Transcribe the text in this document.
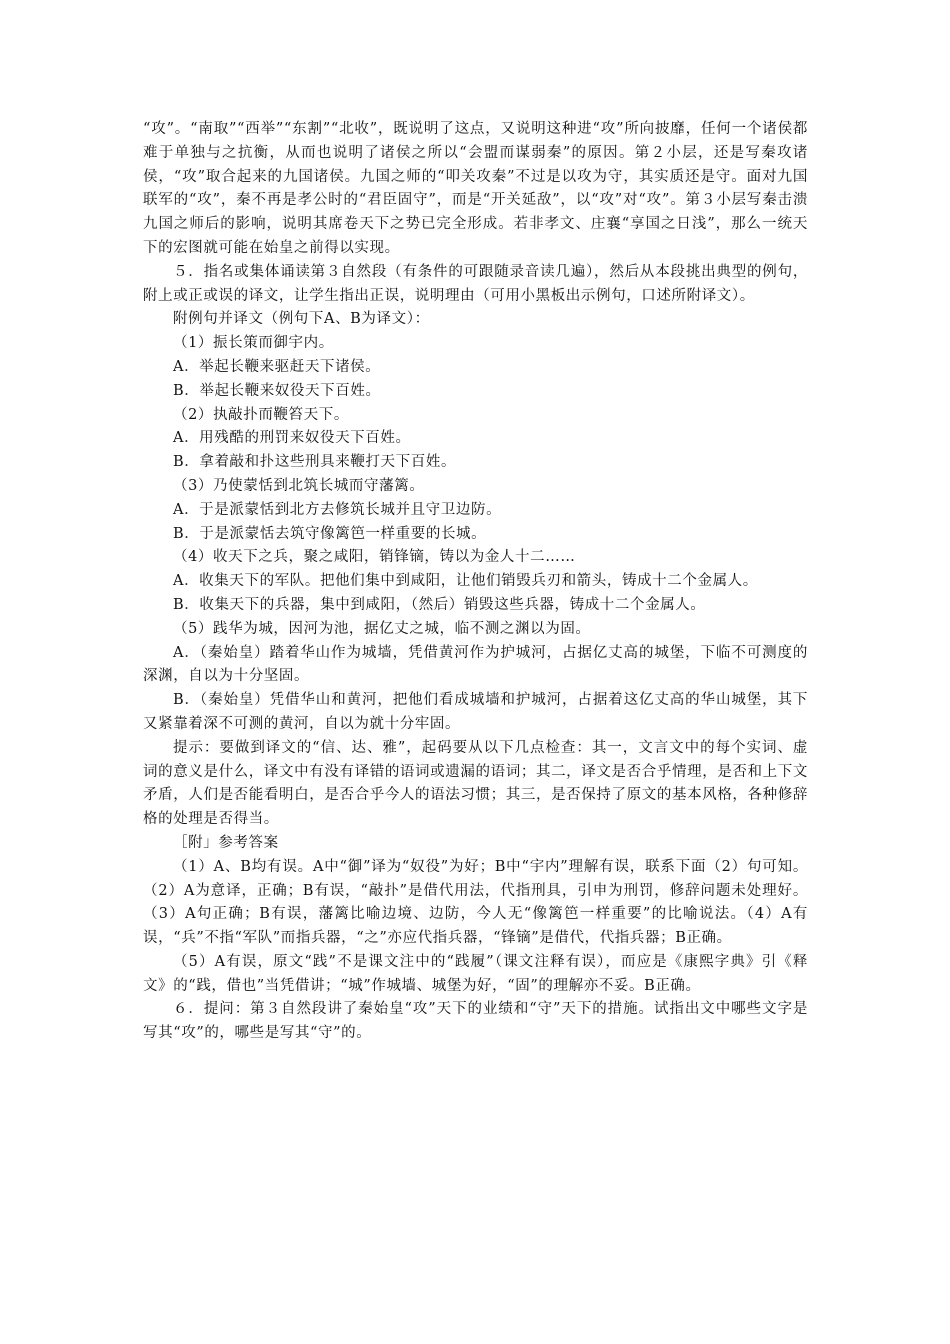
“攻”。“南取”“西举”“东割”“北收”，既说明了这点，又说明这种进“攻”所向披靡，任何一个诸侯都难于单独与之抗衡，从而也说明了诸侯之所以“会盟而谋弱秦”的原因。第２小层，还是写秦攻诸侯，“攻”取合起来的九国诸侯。九国之师的“叩关攻秦”不过是以攻为守，其实质还是守。面对九国联军的“攻”，秦不再是孝公时的“君臣固守”，而是“开关延敌”，以“攻”对“攻”。第３小层写秦击溃九国之师后的影响，说明其席卷天下之势已完全形成。若非孝文、庄襄“享国之日浅”，那么一统天下的宏图就可能在始皇之前得以实现。

５．指名或集体诵读第３自然段（有条件的可跟随录音读几遍），然后从本段挑出典型的例句，附上或正或误的译文，让学生指出正误，说明理由（可用小黑板出示例句，口述所附译文）。

附例句并译文（例句下A、B为译文）：

（1）振长策而御宇内。

A．举起长鞭来驱赶天下诸侯。

B．举起长鞭来奴役天下百姓。

（2）执敲扑而鞭笞天下。

A．用残酷的刑罚来奴役天下百姓。

B．拿着敲和扑这些刑具来鞭打天下百姓。

（3）乃使蒙恬到北筑长城而守藩篱。

A．于是派蒙恬到北方去修筑长城并且守卫边防。

B．于是派蒙恬去筑守像篱笆一样重要的长城。

（4）收天下之兵，聚之咸阳，销锋镝，铸以为金人十二……

A．收集天下的军队。把他们集中到咸阳，让他们销毁兵刃和箭头，铸成十二个金属人。

B．收集天下的兵器，集中到咸阳，（然后）销毁这些兵器，铸成十二个金属人。

（5）践华为城，因河为池，据亿丈之城，临不测之渊以为固。

A．（秦始皇）踏着华山作为城墙，凭借黄河作为护城河，占据亿丈高的城堡，下临不可测度的深渊，自以为十分坚固。

B．（秦始皇）凭借华山和黄河，把他们看成城墙和护城河，占据着这亿丈高的华山城堡，其下又紧靠着深不可测的黄河，自以为就十分牢固。

提示：要做到译文的“信、达、雅”，起码要从以下几点检查：其一，文言文中的每个实词、虚词的意义是什么，译文中有没有译错的语词或遗漏的语词；其二，译文是否合乎情理，是否和上下文矛盾，人们是否能看明白，是否合乎今人的语法习惯；其三，是否保持了原文的基本风格，各种修辞格的处理是否得当。

［附」参考答案

（1）A、B均有误。A中“御”译为“奴役”为好；B中“宇内”理解有误，联系下面（2）句可知。（2）A为意译，正确；B有误，“敲扑”是借代用法，代指刑具，引申为刑罚，修辞问题未处理好。（3）A句正确；B有误，藩篱比喻边境、边防，今人无“像篱笆一样重要”的比喻说法。（4）A有误，“兵”不指“军队”而指兵器，“之”亦应代指兵器，“锋镝”是借代，代指兵器；B正确。

（5）A有误，原文“践”不是课文注中的“践履”（课文注释有误），而应是《康熙字典》引《释文》的“践，借也”当凭借讲；“城”作城墙、城堡为好，“固”的理解亦不妥。B正确。

６．提问：第３自然段讲了秦始皇“攻”天下的业绩和“守”天下的措施。试指出文中哪些文字是写其“攻”的，哪些是写其“守”的。
